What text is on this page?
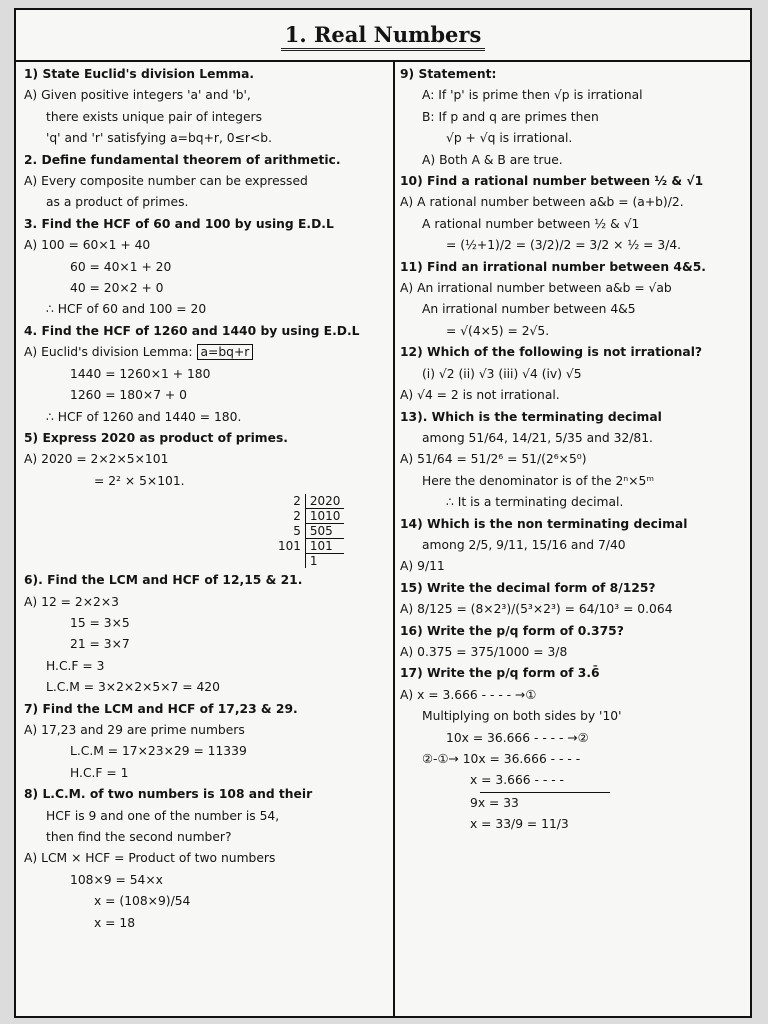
1. Real Numbers
1) State Euclid's division Lemma.
A) Given positive integers 'a' and 'b',
there exists unique pair of integers
'q' and 'r' satisfying a=bq+r, 0≤r<b.
2. Define fundamental theorem of arithmetic.
A) Every composite number can be expressed
as a product of primes.
3. Find the HCF of 60 and 100 by using E.D.L
A) 100 = 60×1 + 40
60 = 40×1 + 20
40 = 20×2 + 0
∴ HCF of 60 and 100 = 20
4. Find the HCF of 1260 and 1440 by using E.D.L
A) Euclid's division Lemma: a=bq+r
1440 = 1260×1 + 180
1260 = 180×7 + 0
∴ HCF of 1260 and 1440 = 180.
5) Express 2020 as product of primes.
A) 2020 = 2×2×5×101
= 2² × 5×101.
2	2020
2	1010
5	505
101	101
	1
6). Find the LCM and HCF of 12,15 & 21.
A) 12 = 2×2×3
15 = 3×5
21 = 3×7
H.C.F = 3
L.C.M = 3×2×2×5×7 = 420
7) Find the LCM and HCF of 17,23 & 29.
A) 17,23 and 29 are prime numbers
L.C.M = 17×23×29 = 11339
H.C.F = 1
8) L.C.M. of two numbers is 108 and their
HCF is 9 and one of the number is 54,
then find the second number?
A) LCM × HCF = Product of two numbers
108×9 = 54×x
x = (108×9)/54
x = 18
9) Statement:
A: If 'p' is prime then √p is irrational
B: If p and q are primes then
√p + √q is irrational.
A) Both A & B are true.
10) Find a rational number between ½ & √1
A) A rational number between a&b = (a+b)/2.
A rational number between ½ & √1
= (½+1)/2 = (3/2)/2 = 3/2 × ½ = 3/4.
11) Find an irrational number between 4&5.
A) An irrational number between a&b = √ab
An irrational number between 4&5
= √(4×5) = 2√5.
12) Which of the following is not irrational?
(i) √2 (ii) √3 (iii) √4 (iv) √5
A) √4 = 2 is not irrational.
13). Which is the terminating decimal
among 51/64, 14/21, 5/35 and 32/81.
A) 51/64 = 51/2⁶ = 51/(2⁶×5⁰)
Here the denominator is of the 2ⁿ×5ᵐ
∴ It is a terminating decimal.
14) Which is the non terminating decimal
among 2/5, 9/11, 15/16 and 7/40
A) 9/11
15) Write the decimal form of 8/125?
A) 8/125 = (8×2³)/(5³×2³) = 64/10³ = 0.064
16) Write the p/q form of 0.375?
A) 0.375 = 375/1000 = 3/8
17) Write the p/q form of 3.6̄
A) x = 3.666 - - - - →①
Multiplying on both sides by '10'
10x = 36.666 - - - - →②
②-①→ 10x = 36.666 - - - -
x = 3.666 - - - -
9x = 33
x = 33/9 = 11/3
